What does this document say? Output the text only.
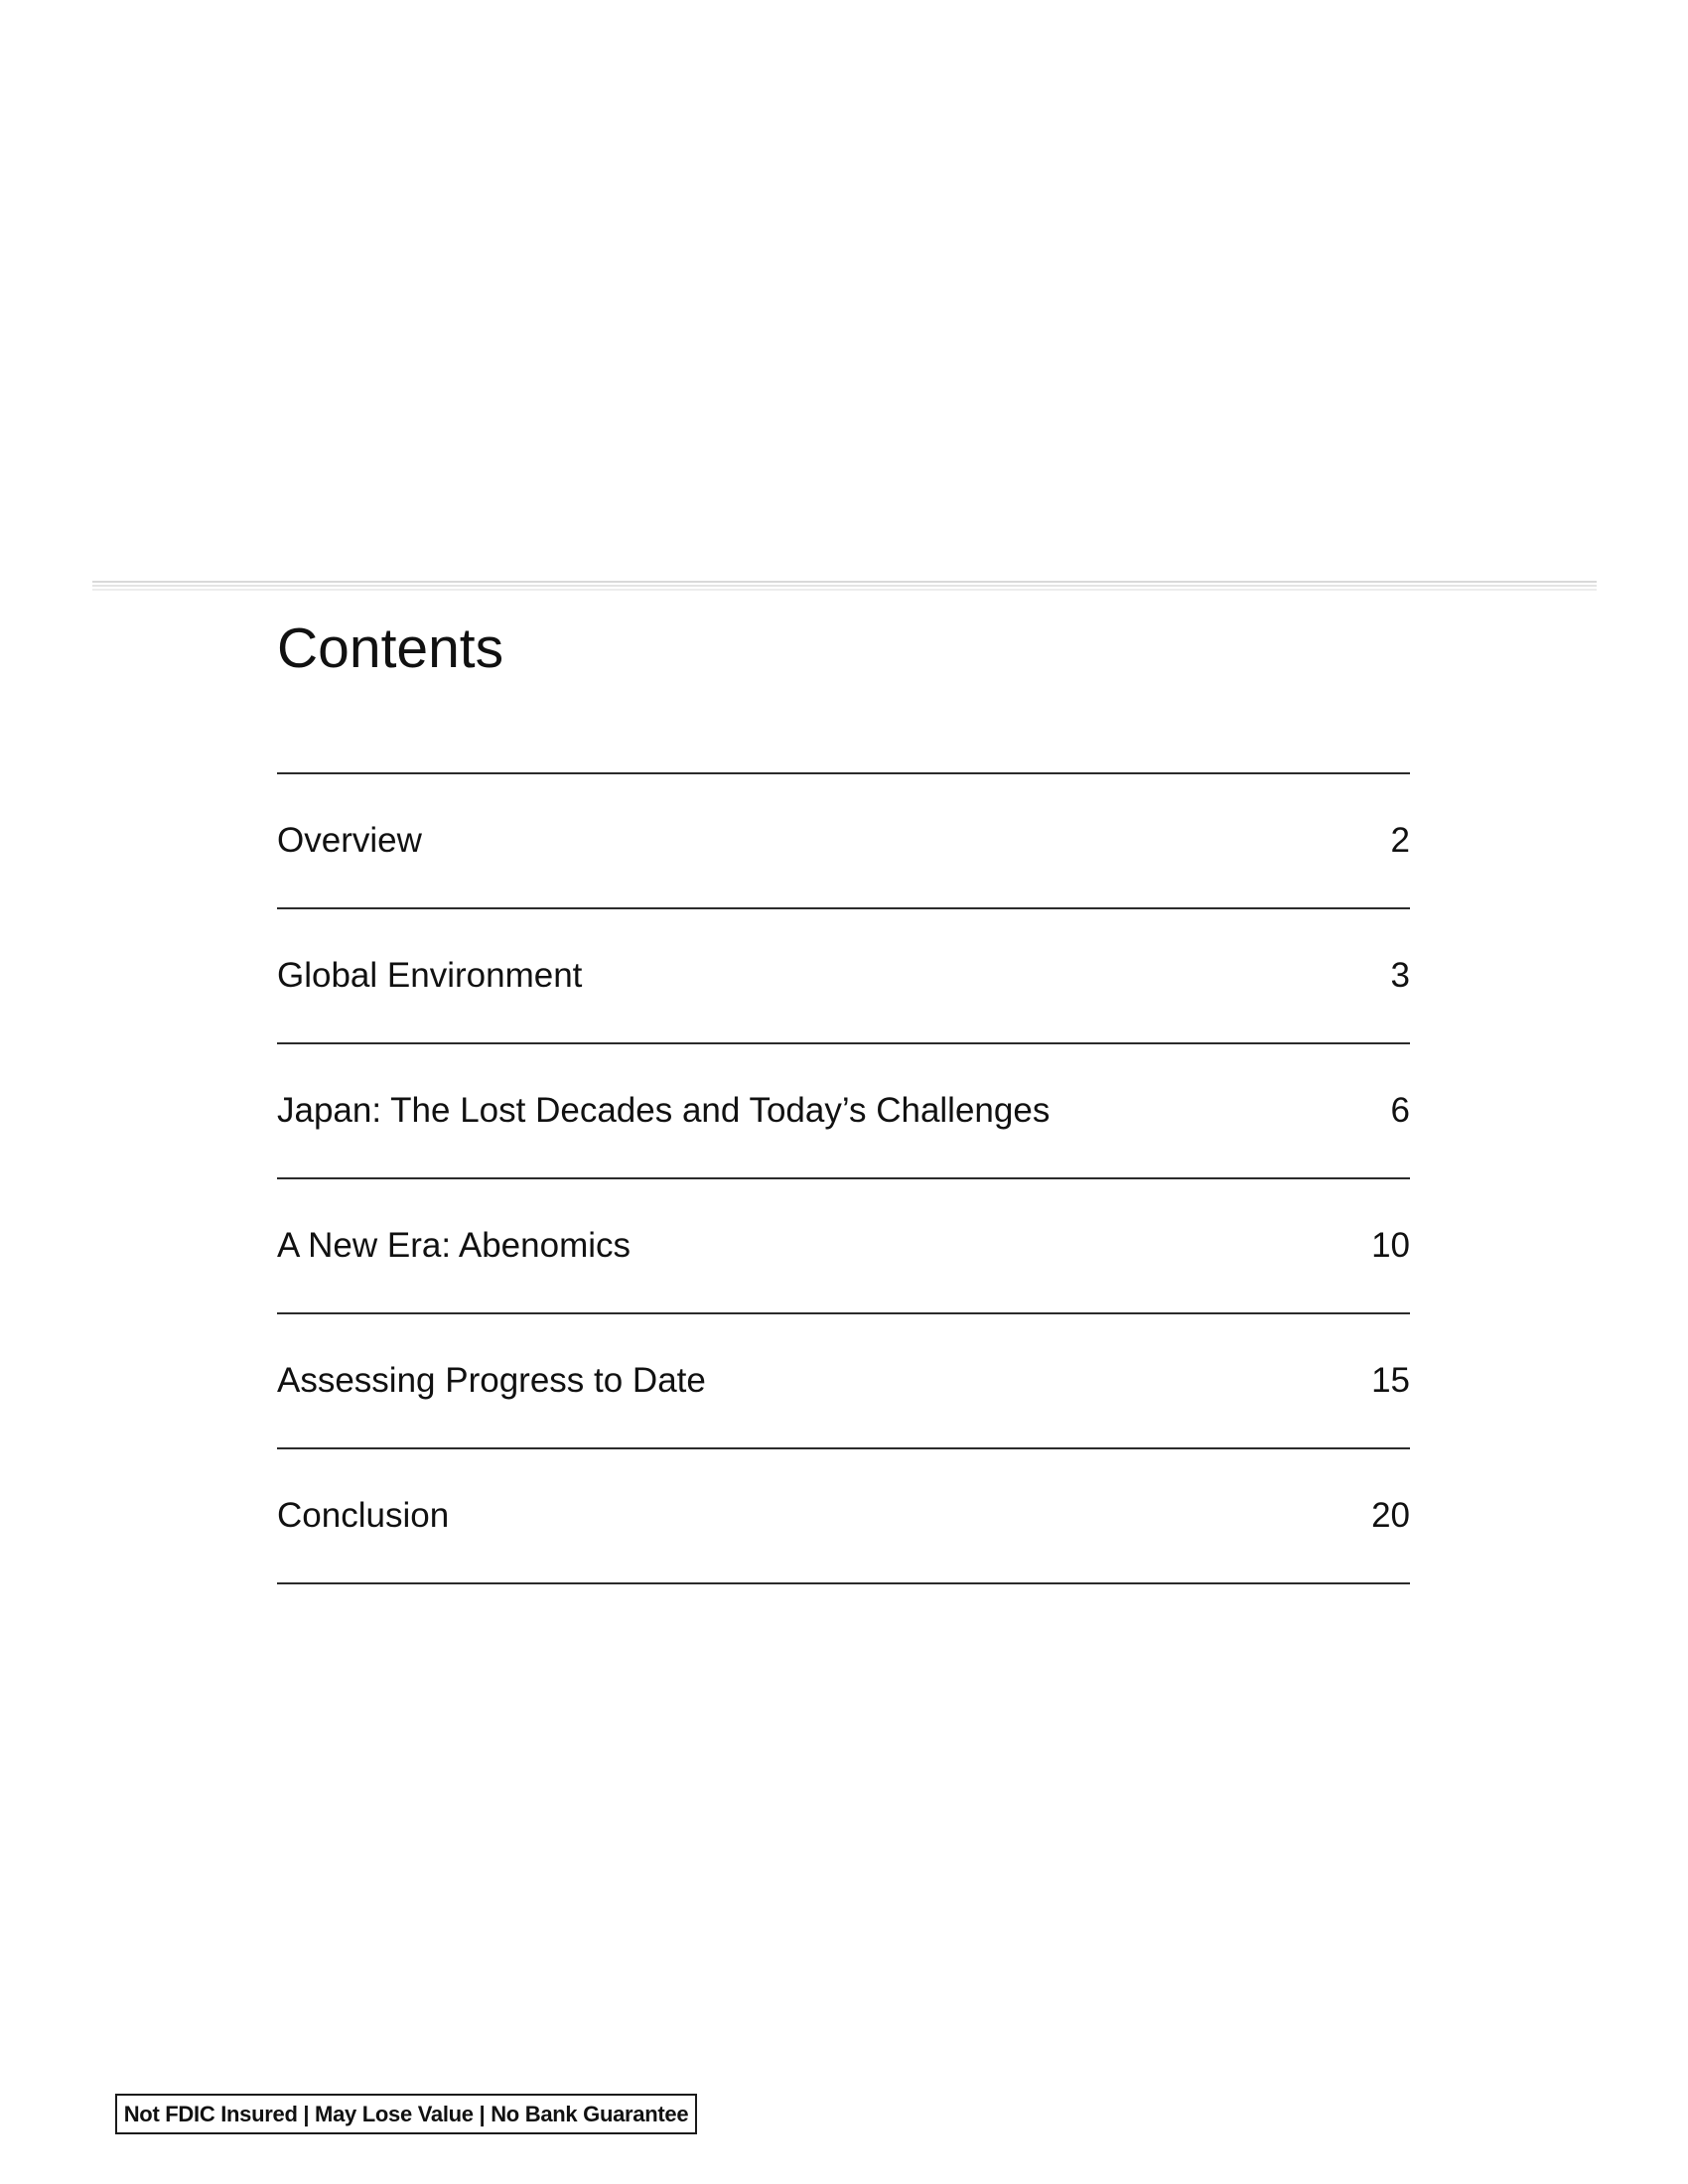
Contents
Overview	2
Global Environment	3
Japan: The Lost Decades and Today’s Challenges	6
A New Era: Abenomics	10
Assessing Progress to Date	15
Conclusion	20
Not FDIC Insured | May Lose Value | No Bank Guarantee
